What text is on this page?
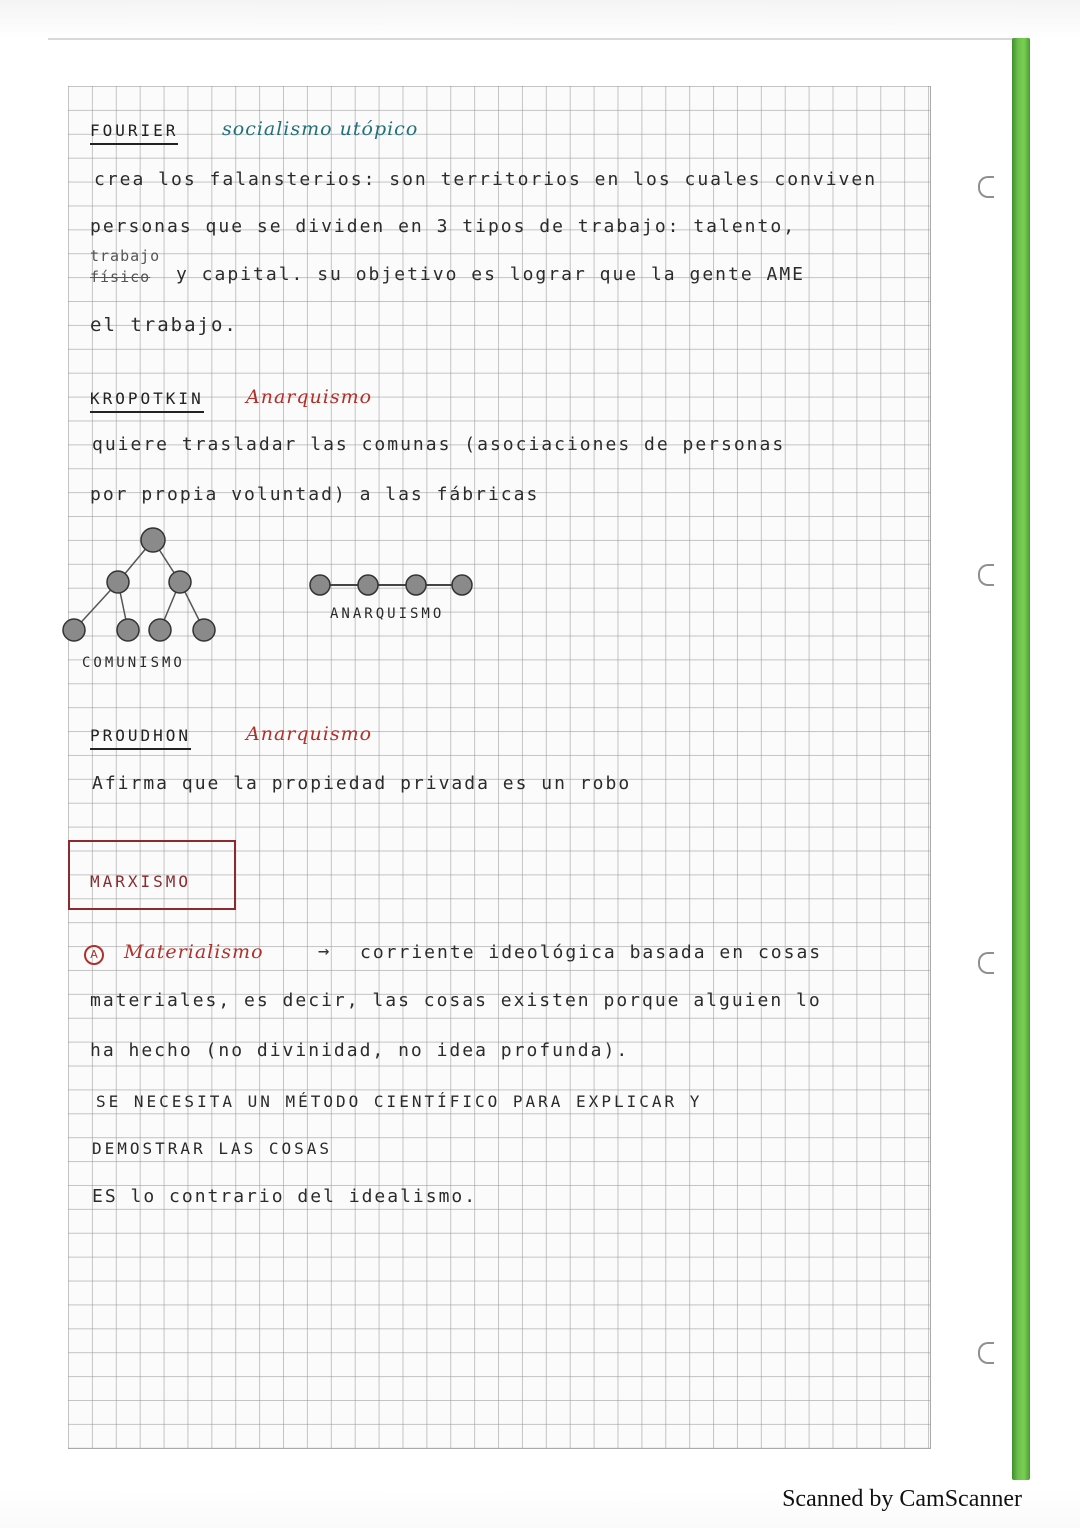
FOURIER socialismo utópico
crea los falansterios: son territorios en los cuales conviven
personas que se dividen en 3 tipos de trabajo: talento,
trabajo
físico y capital. su objetivo es lograr que la gente AME
el trabajo.
KROPOTKIN Anarquismo
quiere trasladar las comunas (asociaciones de personas
por propia voluntad) a las fábricas
COMUNISMO
ANARQUISMO
PROUDHON	Anarquismo
Afirma que la propiedad privada es un robo
MARXISMO
A	Materialismo	→ corriente ideológica basada en cosas
materiales, es decir, las cosas existen porque alguien lo
ha hecho (no divinidad, no idea profunda).
SE NECESITA UN MÉTODO CIENTÍFICO PARA EXPLICAR Y
DEMOSTRAR LAS COSAS
ES lo contrario del idealismo.
Scanned by CamScanner
